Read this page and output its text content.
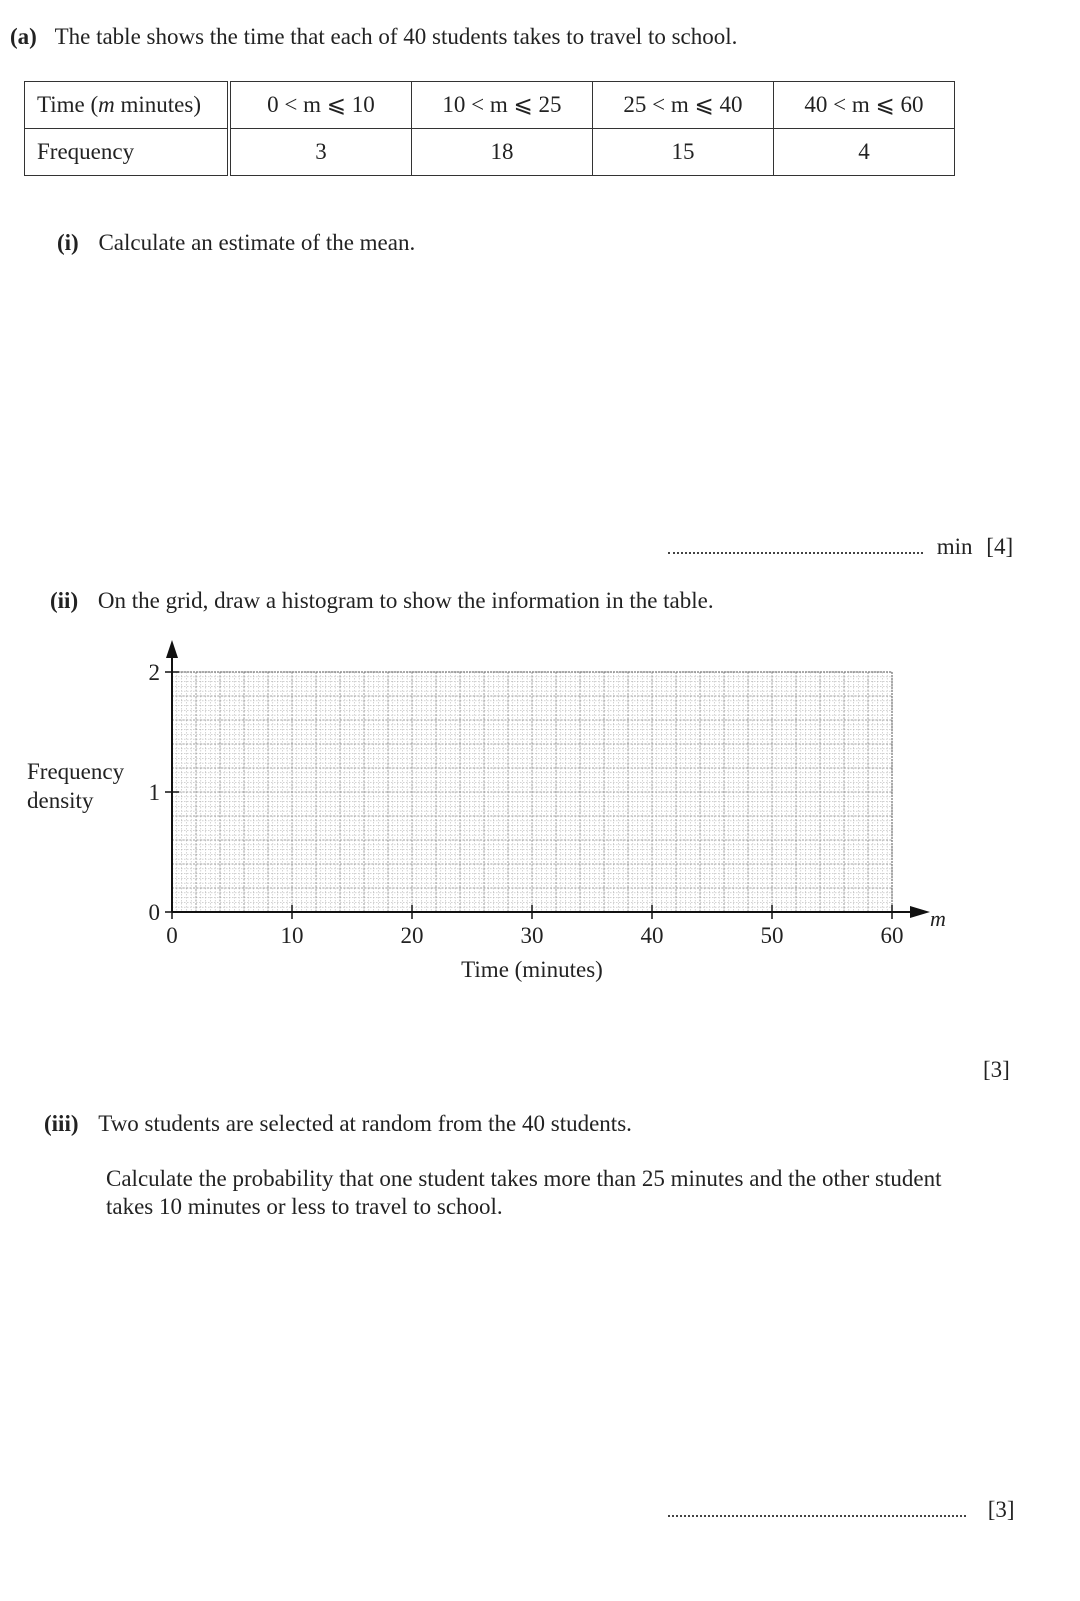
(a) The table shows the time that each of 40 students takes to travel to school.
Time (m minutes)	0 < m ⩽ 10	10 < m ⩽ 25	25 < m ⩽ 40	40 < m ⩽ 60
Frequency	3	18	15	4
(i) Calculate an estimate of the mean.
min [4]
(ii) On the grid, draw a histogram to show the information in the table.
Frequency
density
0	10	20	30	40	50	60
0
1
2
m
Time (minutes)
[3]
(iii) Two students are selected at random from the 40 students.
Calculate the probability that one student takes more than 25 minutes and the other student
takes 10 minutes or less to travel to school.
[3]
